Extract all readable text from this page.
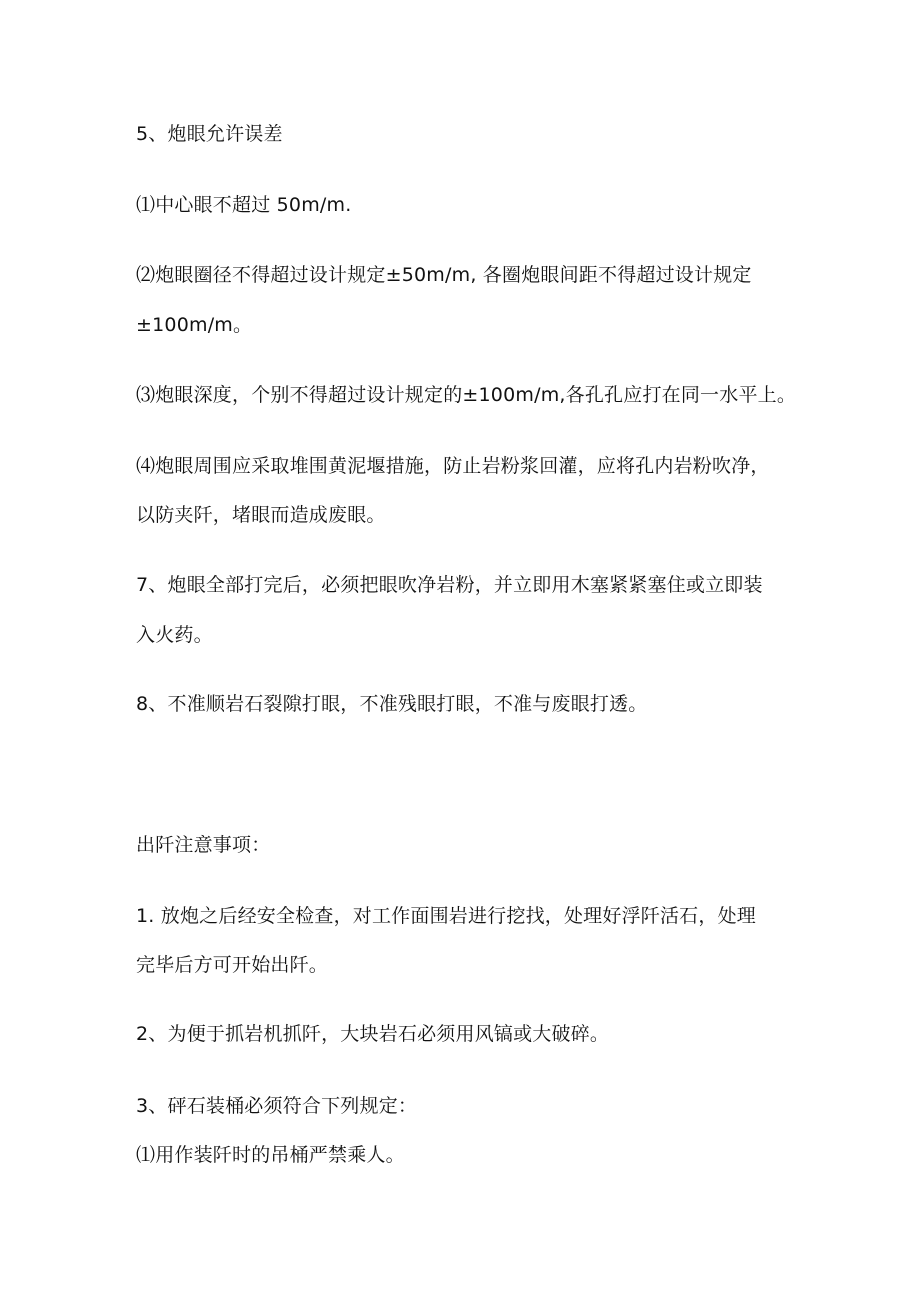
5、炮眼允许误差
⑴中心眼不超过 50m/m.
⑵炮眼圈径不得超过设计规定±50m/m, 各圈炮眼间距不得超过设计规定
±100m/m。
⑶炮眼深度，个别不得超过设计规定的±100m/m,各孔孔应打在同一水平上。
⑷炮眼周围应采取堆围黄泥堰措施，防止岩粉浆回灌，应将孔内岩粉吹净，
以防夹阡，堵眼而造成废眼。
7、炮眼全部打完后，必须把眼吹净岩粉，并立即用木塞紧紧塞住或立即装
入火药。
8、不准顺岩石裂隙打眼，不准残眼打眼，不准与废眼打透。
出阡注意事项：
1. 放炮之后经安全检查，对工作面围岩进行挖找，处理好浮阡活石，处理
完毕后方可开始出阡。
2、为便于抓岩机抓阡，大块岩石必须用风镐或大破碎。
3、砰石装桶必须符合下列规定：
⑴用作装阡时的吊桶严禁乘人。
